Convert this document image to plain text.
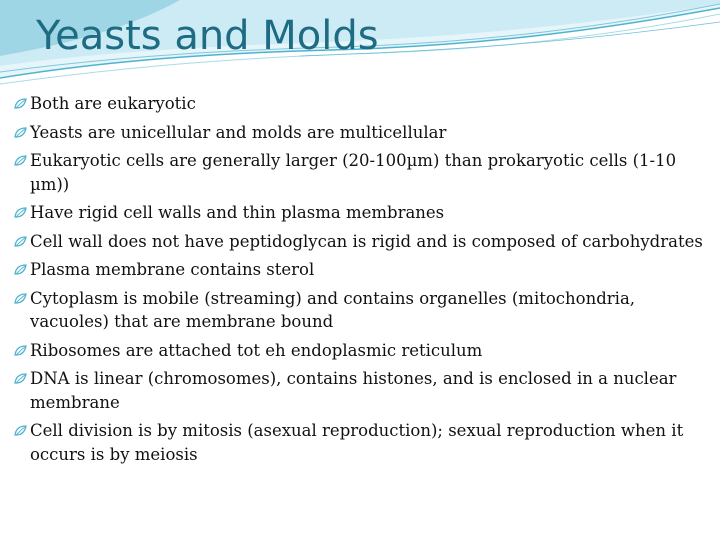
Yeasts and Molds
Both are eukaryotic
Yeasts are unicellular and molds are multicellular
Eukaryotic cells are generally larger (20-100µm) than prokaryotic cells (1-10 µm))
Have rigid cell walls and thin plasma membranes
Cell wall does not have peptidoglycan is rigid and is composed of carbohydrates
Plasma membrane contains sterol
Cytoplasm is mobile (streaming) and contains organelles (mitochondria, vacuoles) that are membrane bound
Ribosomes are attached tot eh endoplasmic reticulum
DNA is linear (chromosomes), contains histones, and is enclosed in a nuclear membrane
Cell division is by mitosis (asexual reproduction); sexual reproduction when it occurs is by meiosis
